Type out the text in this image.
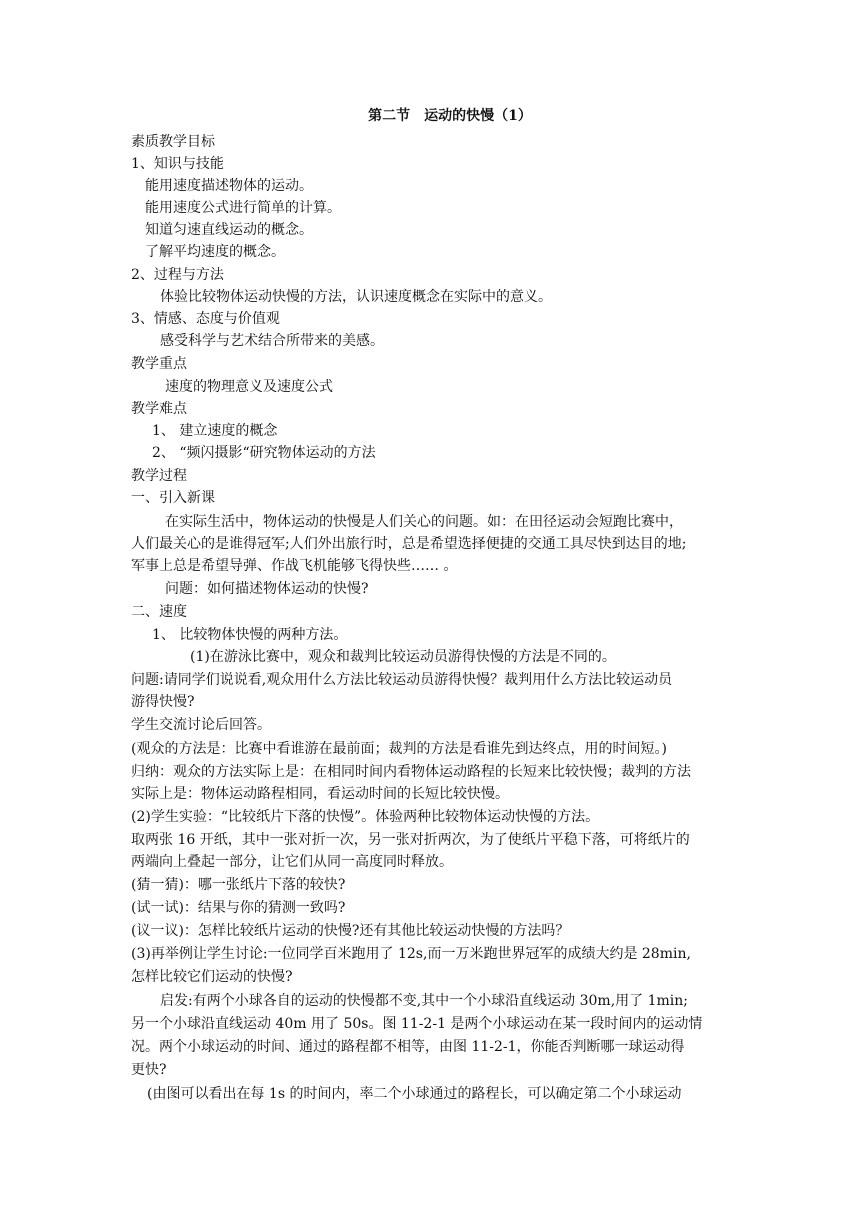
第二节　运动的快慢（1）
素质教学目标
1、知识与技能
能用速度描述物体的运动。
能用速度公式进行简单的计算。
知道匀速直线运动的概念。
了解平均速度的概念。
2、过程与方法
体验比较物体运动快慢的方法，认识速度概念在实际中的意义。
3、情感、态度与价值观
感受科学与艺术结合所带来的美感。
教学重点
速度的物理意义及速度公式
教学难点
1、 建立速度的概念
2、 “频闪摄影“研究物体运动的方法
教学过程
一、引入新课
在实际生活中，物体运动的快慢是人们关心的问题。如：在田径运动会短跑比赛中，
人们最关心的是谁得冠军;人们外出旅行时，总是希望选择便捷的交通工具尽快到达目的地;
军事上总是希望导弹、作战飞机能够飞得快些…… 。
问题：如何描述物体运动的快慢?
二、速度
1、 比较物体快慢的两种方法。
(1)在游泳比赛中，观众和裁判比较运动员游得快慢的方法是不同的。
问题:请同学们说说看,观众用什么方法比较运动员游得快慢？裁判用什么方法比较运动员
游得快慢?
学生交流讨论后回答。
(观众的方法是：比赛中看谁游在最前面；裁判的方法是看谁先到达终点，用的时间短。)
归纳：观众的方法实际上是：在相同时间内看物体运动路程的长短来比较快慢；裁判的方法
实际上是：物体运动路程相同，看运动时间的长短比较快慢。
(2)学生实验：“比较纸片下落的快慢”。体验两种比较物体运动快慢的方法。
取两张 16 开纸，其中一张对折一次，另一张对折两次，为了使纸片平稳下落，可将纸片的
两端向上叠起一部分，让它们从同一高度同时释放。
(猜一猜)：哪一张纸片下落的较快?
(试一试)：结果与你的猜测一致吗?
(议一议)：怎样比较纸片运动的快慢?还有其他比较运动快慢的方法吗？
(3)再举例让学生讨论:一位同学百米跑用了 12s,而一万米跑世界冠军的成绩大约是 28min,
怎样比较它们运动的快慢?
启发:有两个小球各自的运动的快慢都不变,其中一个小球沿直线运动 30m,用了 1min;
另一个小球沿直线运动 40m 用了 50s。图 11-2-1 是两个小球运动在某一段时间内的运动情
况。两个小球运动的时间、通过的路程都不相等，由图 11-2-1，你能否判断哪一球运动得
更快?
(由图可以看出在每 1s 的时间内，率二个小球通过的路程长，可以确定第二个小球运动
